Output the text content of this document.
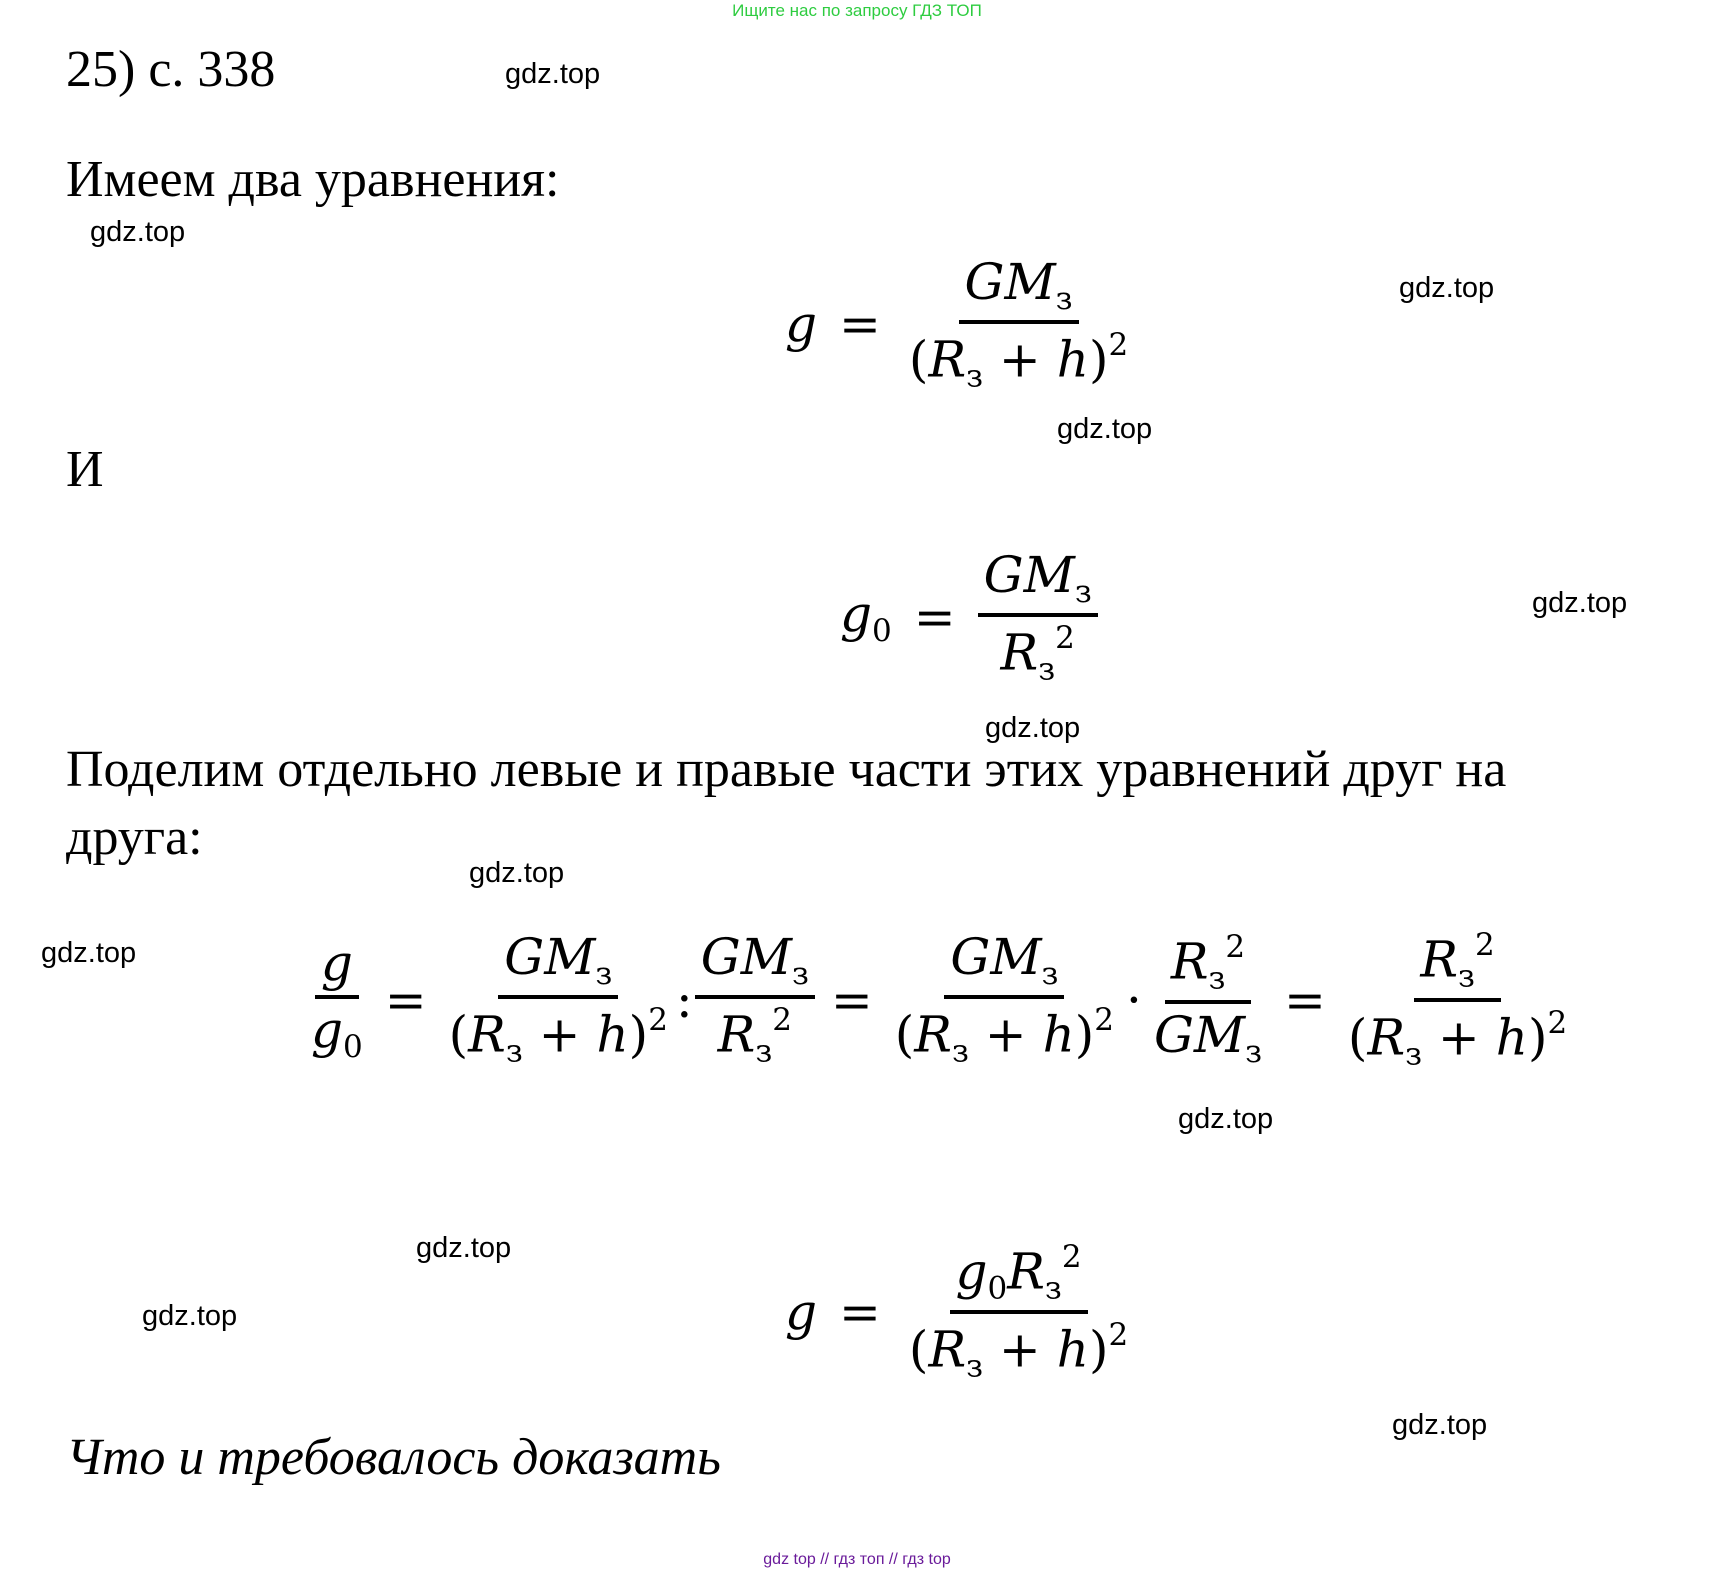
Ищите нас по запросу ГДЗ ТОП
25) с. 338
Имеем два уравнения:
И
Поделим отдельно левые и правые части этих уравнений друг на
друга:
Что и требовалось доказать
$g = \frac{GM_з}{(R_з + h)^2}$
$g_0 = \frac{GM_з}{R_з^2}$
$\frac{g}{g_0} = \frac{GM_з}{(R_з + h)^2}$ : $\frac{GM_з}{R_з^2} = \frac{GM_з}{(R_з + h)^2} \cdot \frac{R_з^2}{GM_з} = \frac{R_з^2}{(R_з + h)^2}$
$g = \frac{g_0R_з^2}{(R_з + h)^2}$
gdz.top
gdz.top
gdz.top
gdz.top
gdz.top
gdz.top
gdz.top
gdz.top
gdz.top
gdz.top
gdz.top
gdz.top
gdz top // гдз топ // гдз top
